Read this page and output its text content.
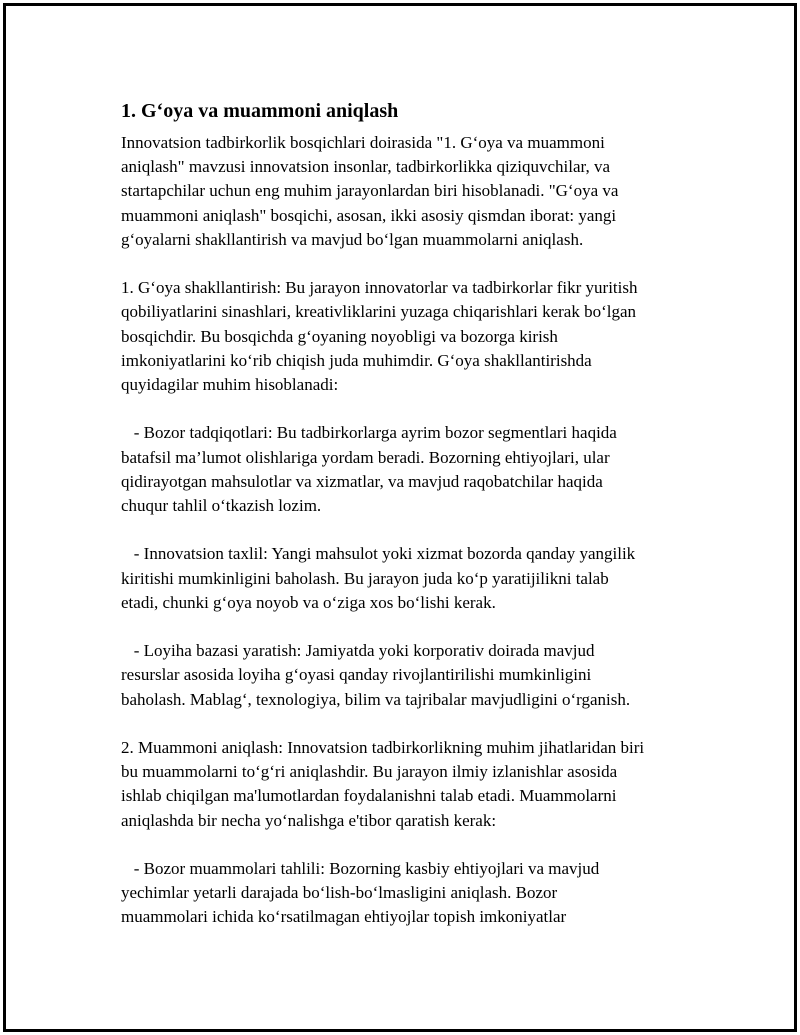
1. G‘oya va muammoni aniqlash
Innovatsion tadbirkorlik bosqichlari doirasida "1. G‘oya va muammoni
aniqlash" mavzusi innovatsion insonlar, tadbirkorlikka qiziquvchilar, va
startapchilar uchun eng muhim jarayonlardan biri hisoblanadi. "G‘oya va
muammoni aniqlash" bosqichi, asosan, ikki asosiy qismdan iborat: yangi
g‘oyalarni shakllantirish va mavjud bo‘lgan muammolarni aniqlash.
1. G‘oya shakllantirish: Bu jarayon innovatorlar va tadbirkorlar fikr yuritish
qobiliyatlarini sinashlari, kreativliklarini yuzaga chiqarishlari kerak bo‘lgan
bosqichdir. Bu bosqichda g‘oyaning noyobligi va bozorga kirish
imkoniyatlarini ko‘rib chiqish juda muhimdir. G‘oya shakllantirishda
quyidagilar muhim hisoblanadi:
- Bozor tadqiqotlari: Bu tadbirkorlarga ayrim bozor segmentlari haqida
batafsil ma’lumot olishlariga yordam beradi. Bozorning ehtiyojlari, ular
qidirayotgan mahsulotlar va xizmatlar, va mavjud raqobatchilar haqida
chuqur tahlil o‘tkazish lozim.
- Innovatsion taxlil: Yangi mahsulot yoki xizmat bozorda qanday yangilik
kiritishi mumkinligini baholash. Bu jarayon juda ko‘p yaratijilikni talab
etadi, chunki g‘oya noyob va o‘ziga xos bo‘lishi kerak.
- Loyiha bazasi yaratish: Jamiyatda yoki korporativ doirada mavjud
resurslar asosida loyiha g‘oyasi qanday rivojlantirilishi mumkinligini
baholash. Mablag‘, texnologiya, bilim va tajribalar mavjudligini o‘rganish.
2. Muammoni aniqlash: Innovatsion tadbirkorlikning muhim jihatlaridan biri
bu muammolarni to‘g‘ri aniqlashdir. Bu jarayon ilmiy izlanishlar asosida
ishlab chiqilgan ma'lumotlardan foydalanishni talab etadi. Muammolarni
aniqlashda bir necha yo‘nalishga e'tibor qaratish kerak:
- Bozor muammolari tahlili: Bozorning kasbiy ehtiyojlari va mavjud
yechimlar yetarli darajada bo‘lish-bo‘lmasligini aniqlash. Bozor
muammolari ichida ko‘rsatilmagan ehtiyojlar topish imkoniyatlar
